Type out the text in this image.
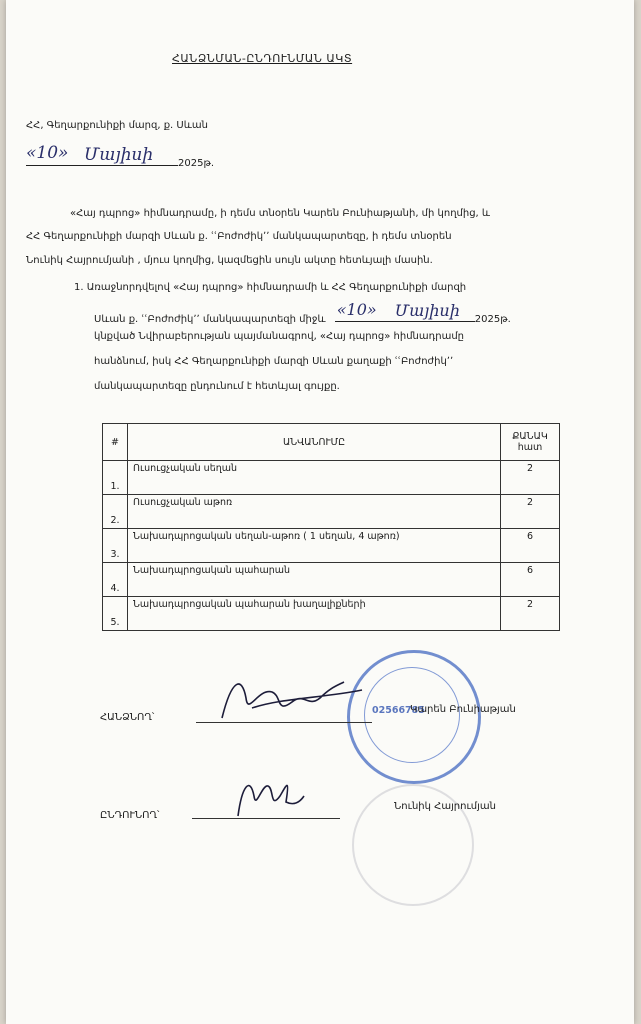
ՀԱՆՁՆՄԱՆ-ԸՆԴՈՒՆՄԱՆ ԱԿՏ
ՀՀ, Գեղարքունիքի մարզ, ք. Սևան
«10» Մայիսի 2025թ.
«Հայ դպրոց» հիմնադրամը, ի դեմս տնօրեն Կարեն Բունիաթյանի, մի կողմից, և
ՀՀ Գեղարքունիքի մարզի Սևան ք. ՙՙԲոժոժիկ՚՚ մանկապարտեզը, ի դեմս տնօրեն
Նունիկ Հայրումյանի , մյուս կողմից, կազմեցին սույն ակտը հետևյալի մասին.
1. Առաջնորդվելով «Հայ դպրոց» հիմնադրամի և ՀՀ Գեղարքունիքի մարզի
Սևան ք. ՙՙԲոժոժիկ՚՚ մանկապարտեզի միջև
«10» Մայիսի 2025թ.
կնքված Նվիրաբերության պայմանագրով, «Հայ դպրոց» հիմնադրամը
հանձնում, իսկ ՀՀ Գեղարքունիքի մարզի Սևան քաղաքի ՙՙԲոժոժիկ՚՚
մանկապարտեզը ընդունում է հետևյալ գույքը.
#	ԱՆՎԱՆՈՒՄԸ	ՔԱՆԱԿ
հատ

1.	Ուսուցչական սեղան	2
2.	Ուսուցչական աթոռ	2
3.	Նախադպրոցական սեղան-աթոռ ( 1 սեղան, 4 աթոռ)	6
4.	Նախադպրոցական պահարան	6
5.	Նախադպրոցական պահարան խաղալիքների	2
02566785
ՀԱՆՁՆՈՂ՝
Կարեն Բունիաթյան
ԸՆԴՈՒՆՈՂ՝
Նունիկ Հայրումյան
